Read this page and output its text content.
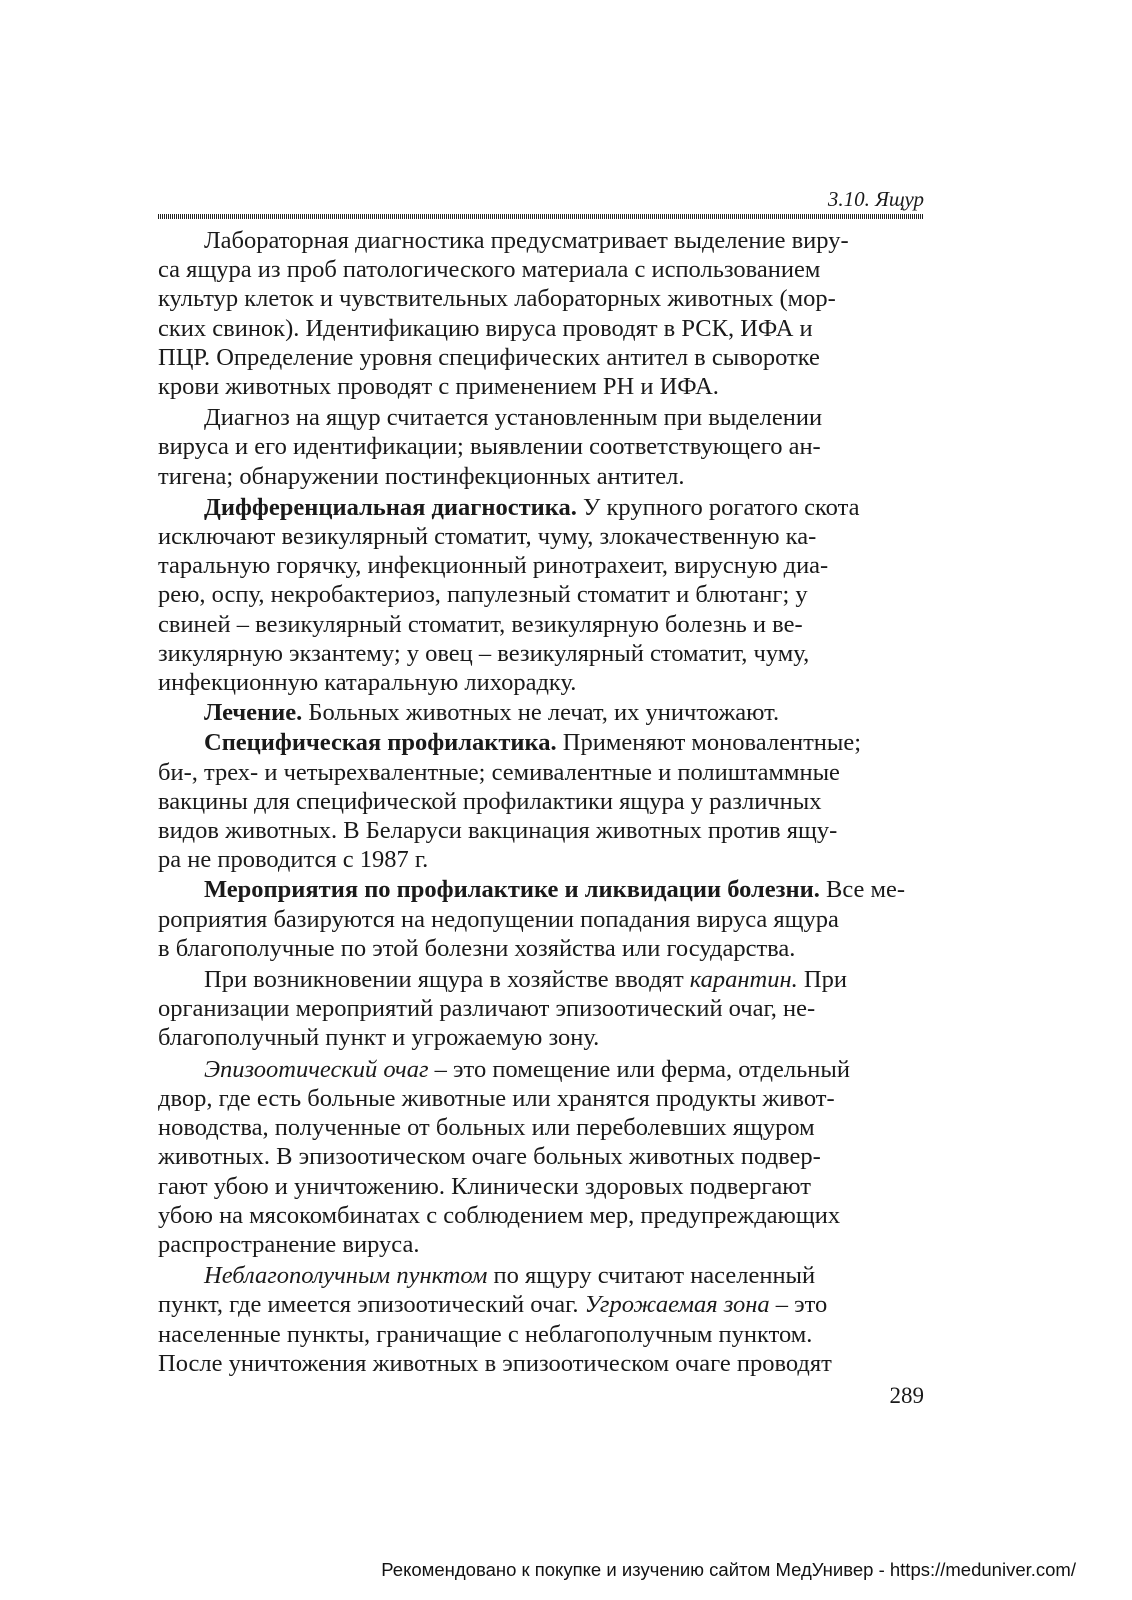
3.10. Ящур

Лабораторная диагностика предусматривает выделение виру-
са ящура из проб патологического материала с использованием
культур клеток и чувствительных лабораторных животных (мор-
ских свинок). Идентификацию вируса проводят в РСК, ИФА и
ПЦР. Определение уровня специфических антител в сыворотке
крови животных проводят с применением РН и ИФА.

Диагноз на ящур считается установленным при выделении
вируса и его идентификации; выявлении соответствующего ан-
тигена; обнаружении постинфекционных антител.

Дифференциальная диагностика. У крупного рогатого скота
исключают везикулярный стоматит, чуму, злокачественную ка-
таральную горячку, инфекционный ринотрахеит, вирусную диа-
рею, оспу, некробактериоз, папулезный стоматит и блютанг; у
свиней – везикулярный стоматит, везикулярную болезнь и ве-
зикулярную экзантему; у овец – везикулярный стоматит, чуму,
инфекционную катаральную лихорадку.

Лечение. Больных животных не лечат, их уничтожают.

Специфическая профилактика. Применяют моновалентные;
би-, трех- и четырехвалентные; семивалентные и полиштаммные
вакцины для специфической профилактики ящура у различных
видов животных. В Беларуси вакцинация животных против ящу-
ра не проводится с 1987 г.

Мероприятия по профилактике и ликвидации болезни. Все ме-
роприятия базируются на недопущении попадания вируса ящура
в благополучные по этой болезни хозяйства или государства.

При возникновении ящура в хозяйстве вводят карантин. При
организации мероприятий различают эпизоотический очаг, не-
благополучный пункт и угрожаемую зону.

Эпизоотический очаг – это помещение или ферма, отдельный
двор, где есть больные животные или хранятся продукты живот-
новодства, полученные от больных или переболевших ящуром
животных. В эпизоотическом очаге больных животных подвер-
гают убою и уничтожению. Клинически здоровых подвергают
убою на мясокомбинатах с соблюдением мер, предупреждающих
распространение вируса.

Неблагополучным пунктом по ящуру считают населенный
пункт, где имеется эпизоотический очаг. Угрожаемая зона – это
населенные пункты, граничащие с неблагополучным пунктом.
После уничтожения животных в эпизоотическом очаге проводят

289
Рекомендовано к покупке и изучению сайтом МедУнивер - https://meduniver.com/
